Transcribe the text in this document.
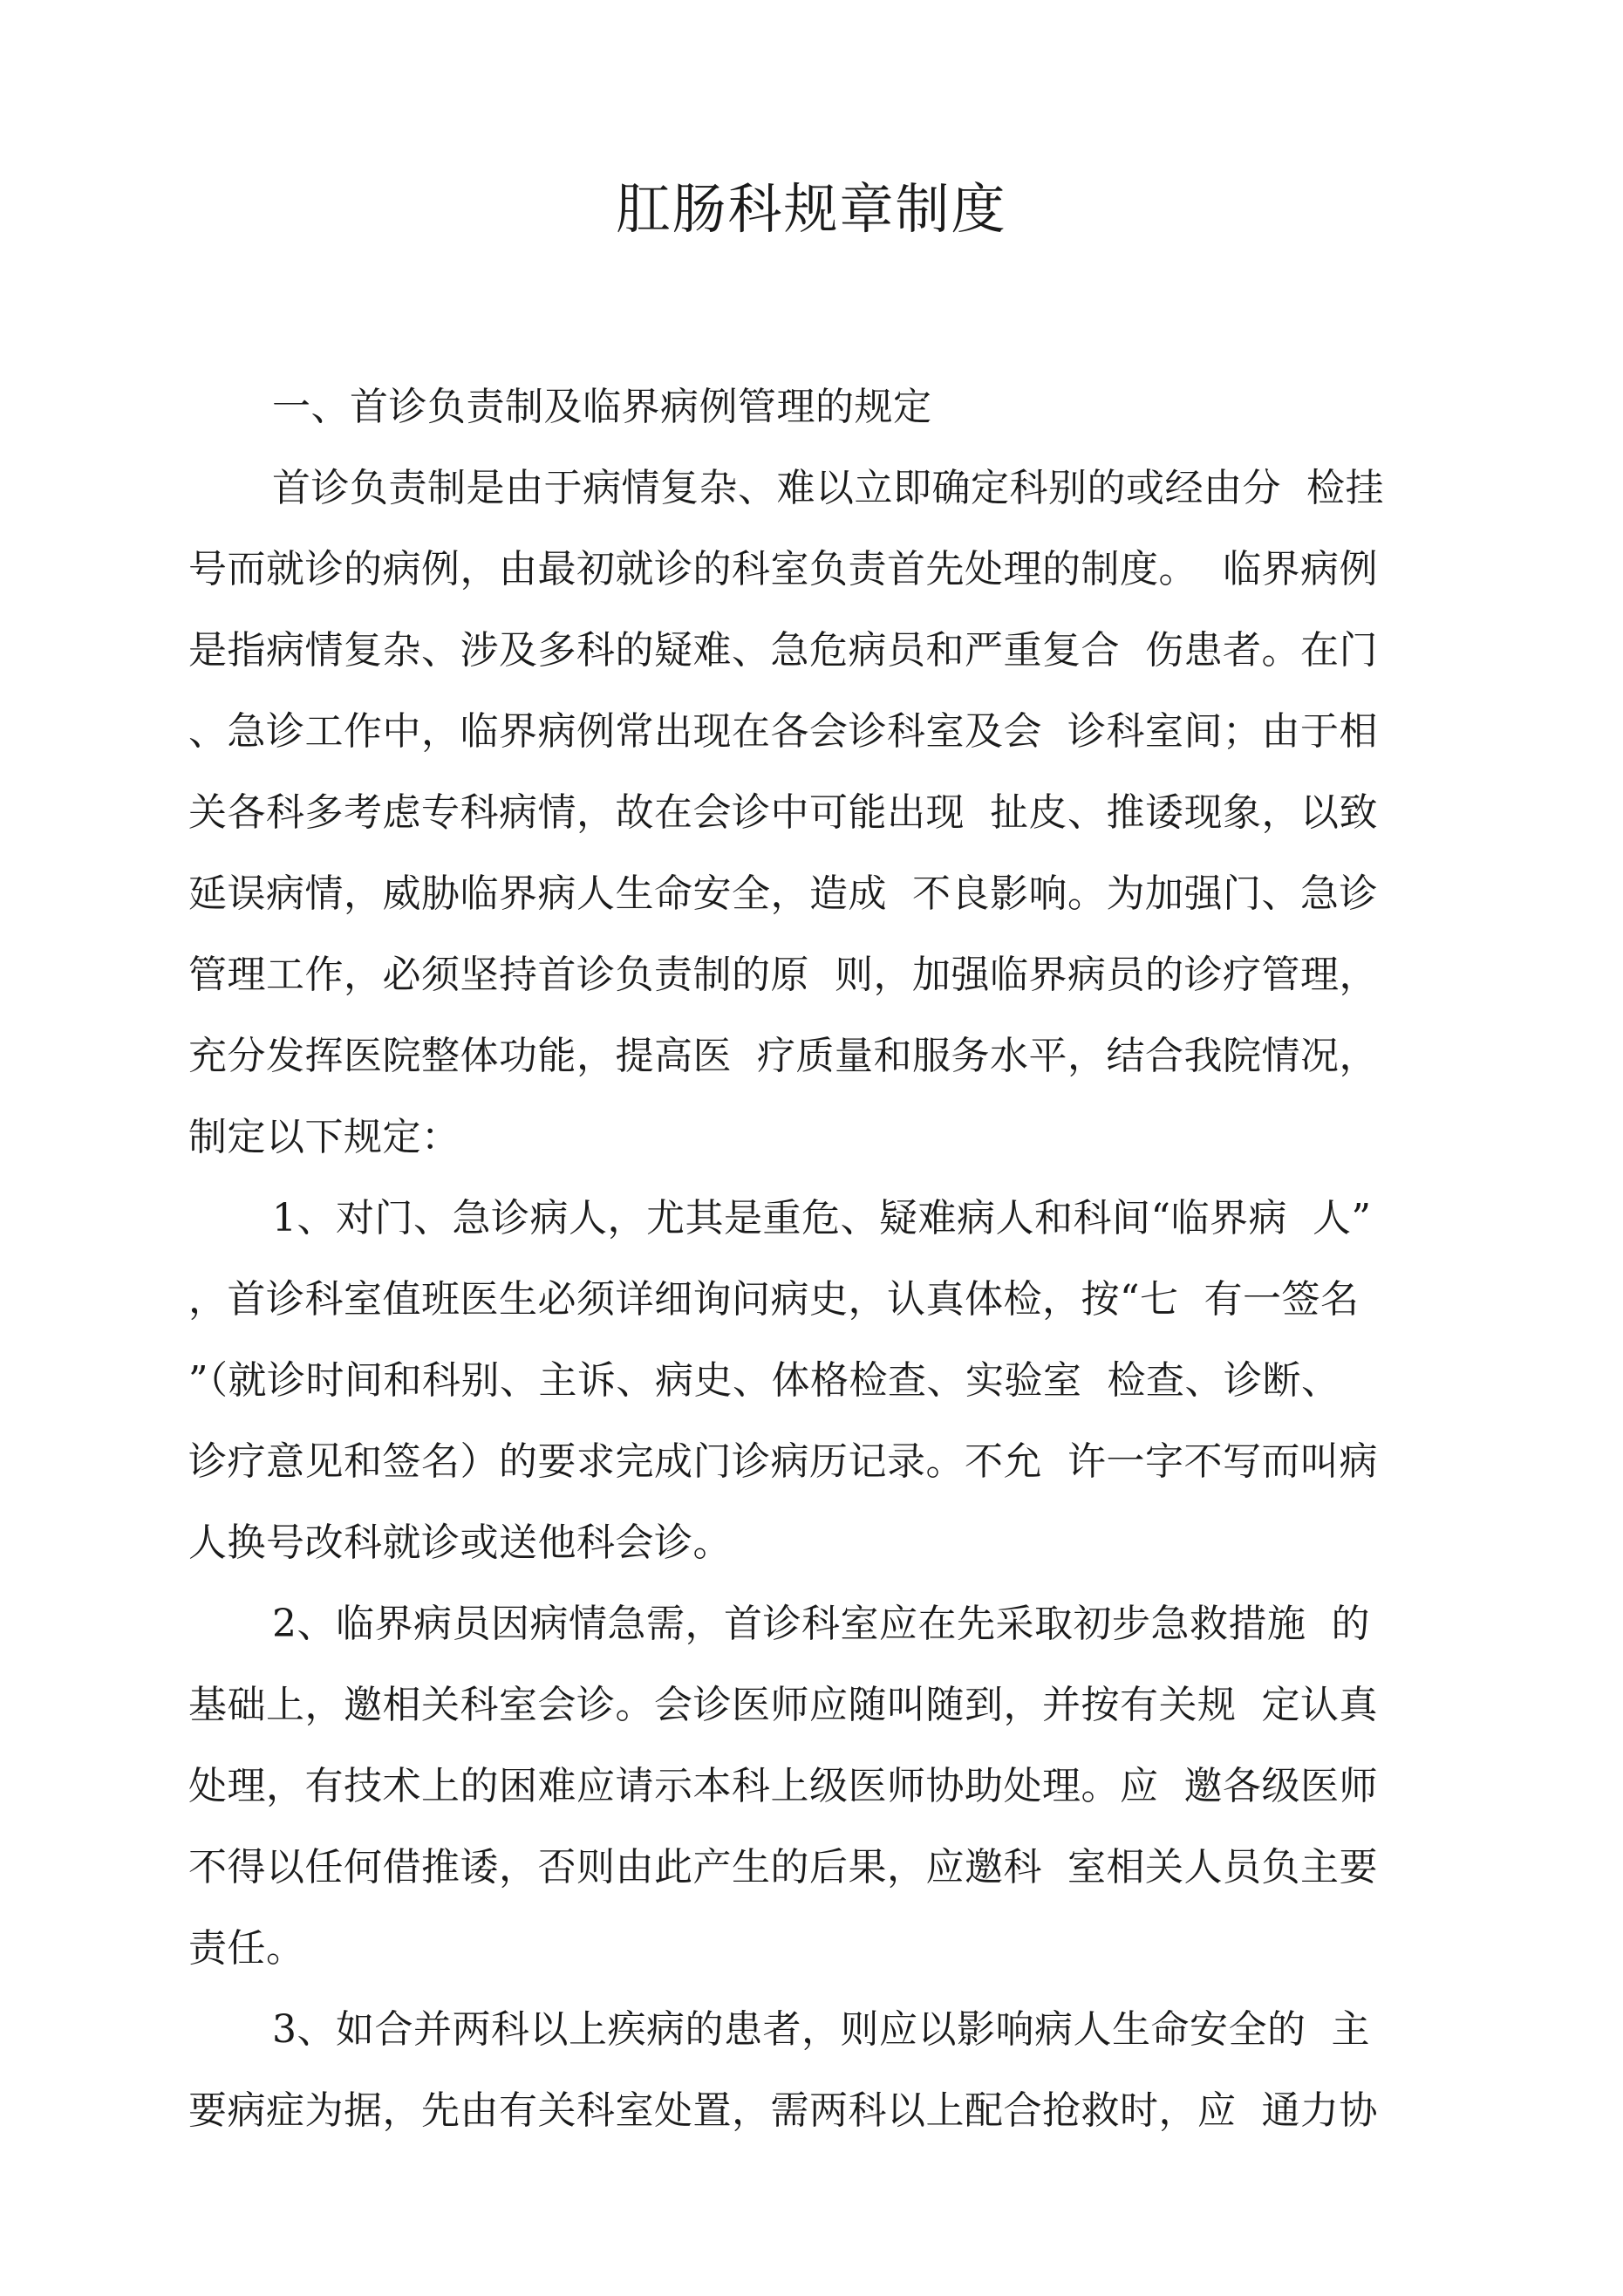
肛肠科规章制度
一、首诊负责制及临界病例管理的规定
首诊负责制是由于病情复杂、难以立即确定科别的或经由分  检挂
号而就诊的病例，由最初就诊的科室负责首先处理的制度。  临界病例
是指病情复杂、涉及多科的疑难、急危病员和严重复合  伤患者。在门
、急诊工作中，临界病例常出现在各会诊科室及会  诊科室间；由于相
关各科多考虑专科病情，故在会诊中可能出现  扯皮、推诿现象，以致
延误病情，威胁临界病人生命安全，造成  不良影响。为加强门、急诊
管理工作，必须坚持首诊负责制的原  则，加强临界病员的诊疗管理，
充分发挥医院整体功能，提高医  疗质量和服务水平，结合我院情况，
制定以下规定：
1、对门、急诊病人，尤其是重危、疑难病人和科间“临界病  人”
，首诊科室值班医生必须详细询问病史，认真体检，按“七  有一签名
”（就诊时间和科别、主诉、病史、体格检查、实验室  检查、诊断、
诊疗意见和签名）的要求完成门诊病历记录。不允  许一字不写而叫病
人换号改科就诊或送他科会诊。
2、临界病员因病情急需，首诊科室应在先采取初步急救措施  的
基础上，邀相关科室会诊。会诊医师应随叫随到，并按有关规  定认真
处理，有技术上的困难应请示本科上级医师协助处理。应  邀各级医师
不得以任何借推诿，否则由此产生的后果，应邀科  室相关人员负主要
责任。
3、如合并两科以上疾病的患者，则应以影响病人生命安全的  主
要病症为据，先由有关科室处置，需两科以上配合抢救时，应  通力协
